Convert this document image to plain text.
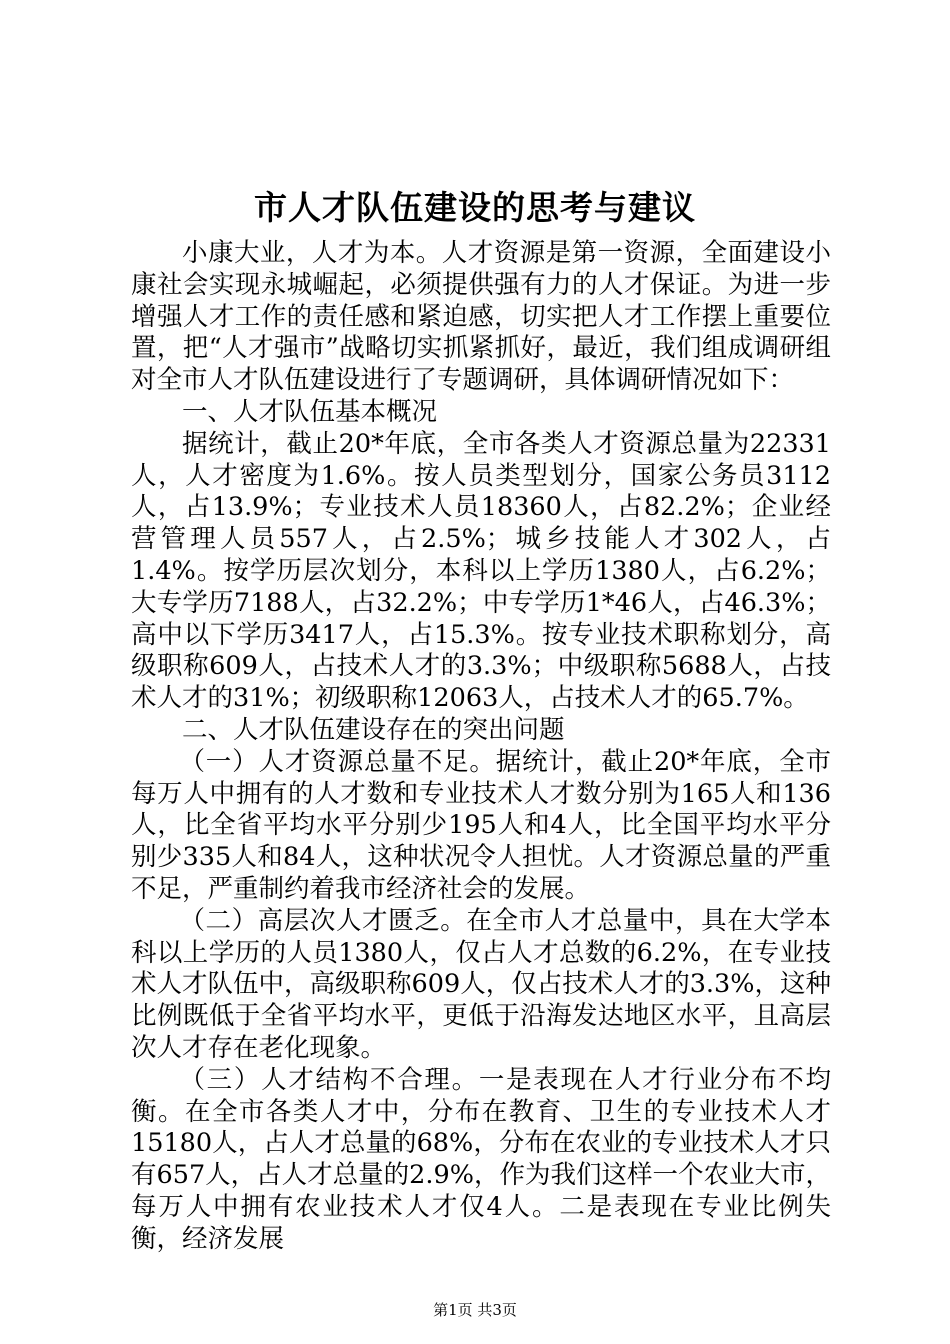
市人才队伍建设的思考与建议

小康大业，人才为本。人才资源是第一资源，全面建设小康社会实现永城崛起，必须提供强有力的人才保证。为进一步增强人才工作的责任感和紧迫感，切实把人才工作摆上重要位置，把“人才强市”战略切实抓紧抓好，最近，我们组成调研组对全市人才队伍建设进行了专题调研，具体调研情况如下：

一、人才队伍基本概况

据统计，截止20*年底，全市各类人才资源总量为22331人，人才密度为1.6%。按人员类型划分，国家公务员3112人，占13.9%；专业技术人员18360人，占82.2%；企业经营管理人员557人，占2.5%；城乡技能人才302人，占1.4%。按学历层次划分，本科以上学历1380人，占6.2%；大专学历7188人，占32.2%；中专学历1*46人，占46.3%；高中以下学历3417人，占15.3%。按专业技术职称划分，高级职称609人，占技术人才的3.3%；中级职称5688人，占技术人才的31%；初级职称12063人，占技术人才的65.7%。

二、人才队伍建设存在的突出问题

（一）人才资源总量不足。据统计，截止20*年底，全市每万人中拥有的人才数和专业技术人才数分别为165人和136人，比全省平均水平分别少195人和4人，比全国平均水平分别少335人和84人，这种状况令人担忧。人才资源总量的严重不足，严重制约着我市经济社会的发展。

（二）高层次人才匮乏。在全市人才总量中，具在大学本科以上学历的人员1380人，仅占人才总数的6.2%，在专业技术人才队伍中，高级职称609人，仅占技术人才的3.3%，这种比例既低于全省平均水平，更低于沿海发达地区水平，且高层次人才存在老化现象。

（三）人才结构不合理。一是表现在人才行业分布不均衡。在全市各类人才中，分布在教育、卫生的专业技术人才15180人，占人才总量的68%，分布在农业的专业技术人才只有657人，占人才总量的2.9%，作为我们这样一个农业大市，每万人中拥有农业技术人才仅4人。二是表现在专业比例失衡，经济发展

第1页 共3页
